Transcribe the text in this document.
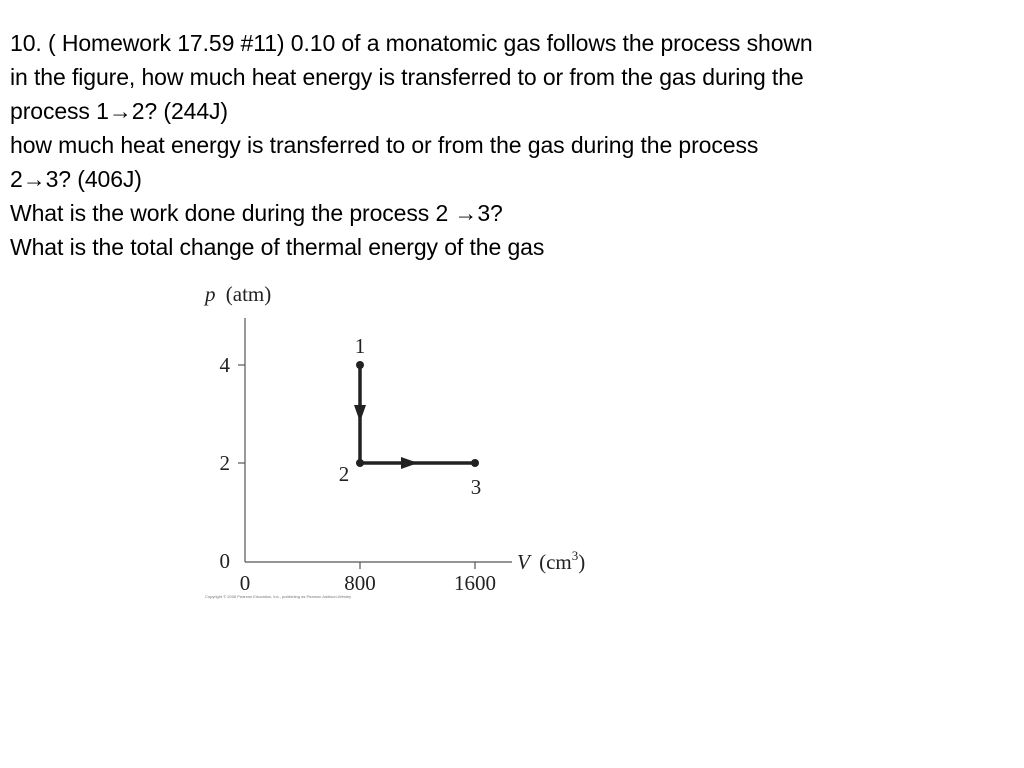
10. ( Homework 17.59 #11) 0.10 of a monatomic gas follows the process shown
in the figure, how much heat energy is transferred to or from the gas during the
process 1→2? (244J)
how much heat energy is transferred to or from the gas during the process
2→3? (406J)
What is the work done during the process 2 →3?
What is the total change of thermal energy of the gas
p (atm)
4
2
0
0	800	1600
V $(cm^3)$
1
2
3
Copyright © 2008 Pearson Education, Inc., publishing as Pearson Addison-Wesley
